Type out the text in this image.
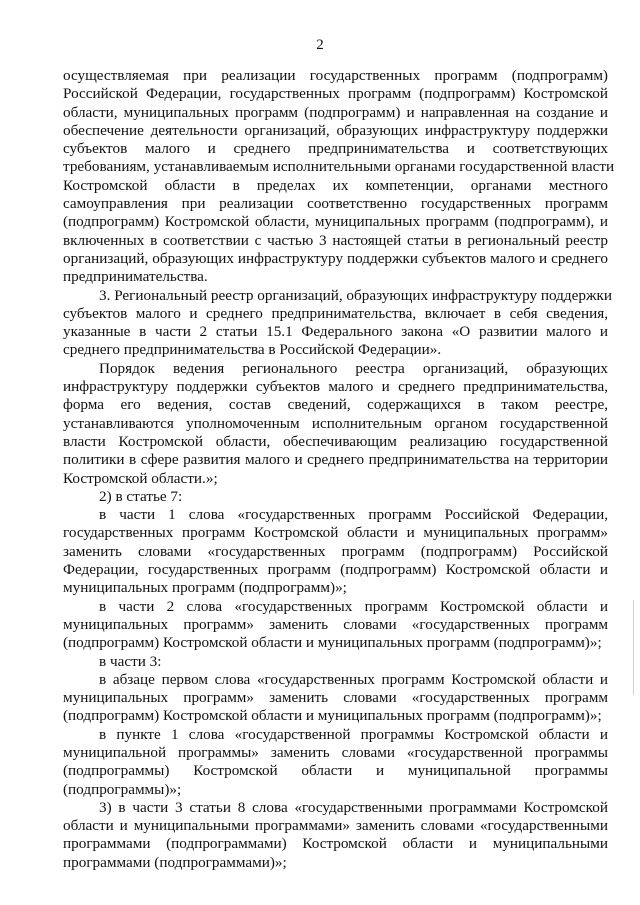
2
осуществляемая при реализации государственных программ (подпрограмм)
Российской Федерации, государственных программ (подпрограмм) Костромской
области, муниципальных программ (подпрограмм) и направленная на создание и
обеспечение деятельности организаций, образующих инфраструктуру поддержки
субъектов малого и среднего предпринимательства и соответствующих
требованиям, устанавливаемым исполнительными органами государственной власти
Костромской области в пределах их компетенции, органами местного
самоуправления при реализации соответственно государственных программ
(подпрограмм) Костромской области, муниципальных программ (подпрограмм), и
включенных в соответствии с частью 3 настоящей статьи в региональный реестр
организаций, образующих инфраструктуру поддержки субъектов малого и среднего
предпринимательства.
3. Региональный реестр организаций, образующих инфраструктуру поддержки
субъектов малого и среднего предпринимательства, включает в себя сведения,
указанные в части 2 статьи 15.1 Федерального закона «О развитии малого и
среднего предпринимательства в Российской Федерации».
Порядок ведения регионального реестра организаций, образующих
инфраструктуру поддержки субъектов малого и среднего предпринимательства,
форма его ведения, состав сведений, содержащихся в таком реестре,
устанавливаются уполномоченным исполнительным органом государственной
власти Костромской области, обеспечивающим реализацию государственной
политики в сфере развития малого и среднего предпринимательства на территории
Костромской области.»;
2) в статье 7:
в части 1 слова «государственных программ Российской Федерации,
государственных программ Костромской области и муниципальных программ»
заменить словами «государственных программ (подпрограмм) Российской
Федерации, государственных программ (подпрограмм) Костромской области и
муниципальных программ (подпрограмм)»;
в части 2 слова «государственных программ Костромской области и
муниципальных программ» заменить словами «государственных программ
(подпрограмм) Костромской области и муниципальных программ (подпрограмм)»;
в части 3:
в абзаце первом слова «государственных программ Костромской области и
муниципальных программ» заменить словами «государственных программ
(подпрограмм) Костромской области и муниципальных программ (подпрограмм)»;
в пункте 1 слова «государственной программы Костромской области и
муниципальной программы» заменить словами «государственной программы
(подпрограммы) Костромской области и муниципальной программы
(подпрограммы)»;
3) в части 3 статьи 8 слова «государственными программами Костромской
области и муниципальными программами» заменить словами «государственными
программами (подпрограммами) Костромской области и муниципальными
программами (подпрограммами)»;
